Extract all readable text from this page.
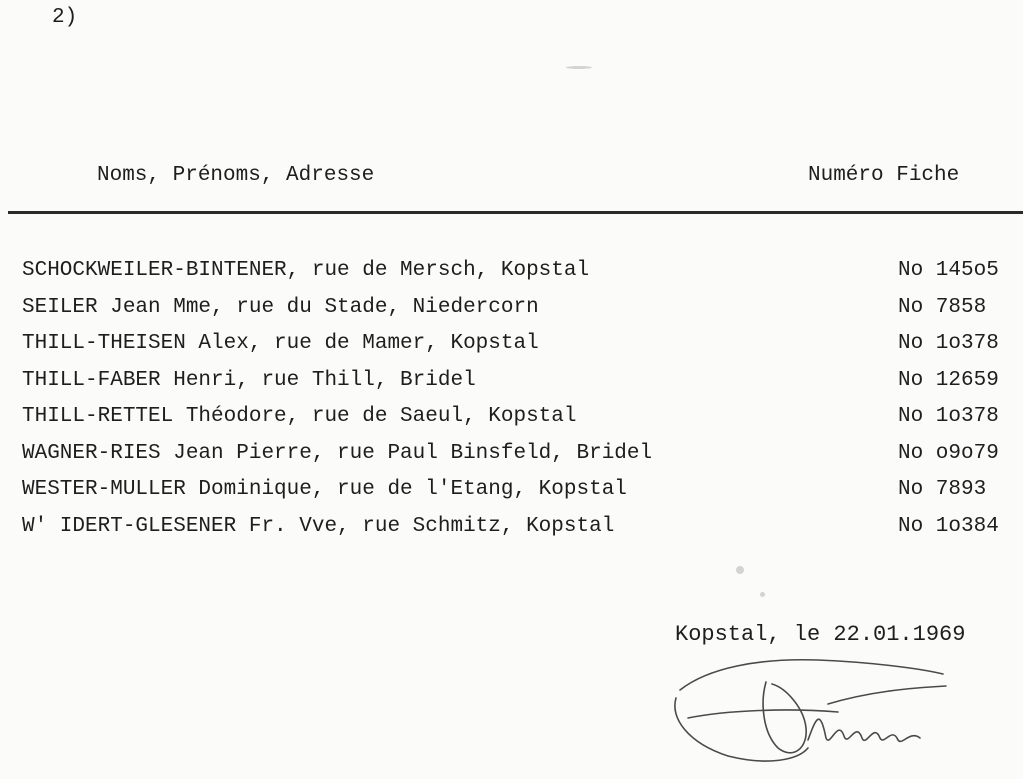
2)
Noms, Prénoms, Adresse	Numéro Fiche
SCHOCKWEILER-BINTENER, rue de Mersch, Kopstal	No 145o5
SEILER Jean Mme, rue du Stade, Niedercorn	No 7858
THILL-THEISEN Alex, rue de Mamer, Kopstal	No 1o378
THILL-FABER Henri, rue Thill, Bridel	No 12659
THILL-RETTEL Théodore, rue de Saeul, Kopstal	No 1o378
WAGNER-RIES Jean Pierre, rue Paul Binsfeld, Bridel	No o9o79
WESTER-MULLER Dominique, rue de l'Etang, Kopstal	No 7893
W' IDERT-GLESENER Fr. Vve, rue Schmitz, Kopstal	No 1o384
Kopstal, le 22.01.1969
